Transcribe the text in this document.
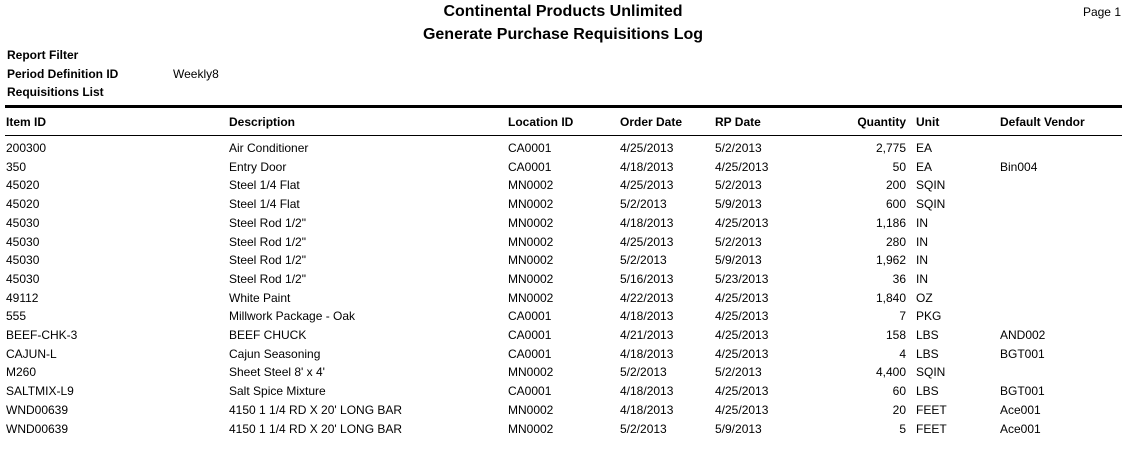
Continental Products Unlimited
Generate Purchase Requisitions Log
Page 1
Report Filter
Period Definition ID	Weekly8
Requisitions List
Item ID	Description	Location ID	Order Date	RP Date	Quantity Unit	Default Vendor
200300	Air Conditioner	CA0001	4/25/2013	5/2/2013	2,775 EA
350	Entry Door	CA0001	4/18/2013	4/25/2013	50 EA	Bin004
45020	Steel 1/4 Flat	MN0002	4/25/2013	5/2/2013	200 SQIN
45020	Steel 1/4 Flat	MN0002	5/2/2013	5/9/2013	600 SQIN
45030	Steel Rod 1/2"	MN0002	4/18/2013	4/25/2013	1,186 IN
45030	Steel Rod 1/2"	MN0002	4/25/2013	5/2/2013	280 IN
45030	Steel Rod 1/2"	MN0002	5/2/2013	5/9/2013	1,962 IN
45030	Steel Rod 1/2"	MN0002	5/16/2013	5/23/2013	36 IN
49112	White Paint	MN0002	4/22/2013	4/25/2013	1,840 OZ
555	Millwork Package - Oak	CA0001	4/18/2013	4/25/2013	7 PKG
BEEF-CHK-3	BEEF CHUCK	CA0001	4/21/2013	4/25/2013	158 LBS	AND002
CAJUN-L	Cajun Seasoning	CA0001	4/18/2013	4/25/2013	4 LBS	BGT001
M260	Sheet Steel 8' x 4'	MN0002	5/2/2013	5/2/2013	4,400 SQIN
SALTMIX-L9	Salt Spice Mixture	CA0001	4/18/2013	4/25/2013	60 LBS	BGT001
WND00639	4150 1 1/4 RD X 20' LONG BAR	MN0002	4/18/2013	4/25/2013	20 FEET	Ace001
WND00639	4150 1 1/4 RD X 20' LONG BAR	MN0002	5/2/2013	5/9/2013	5 FEET	Ace001
